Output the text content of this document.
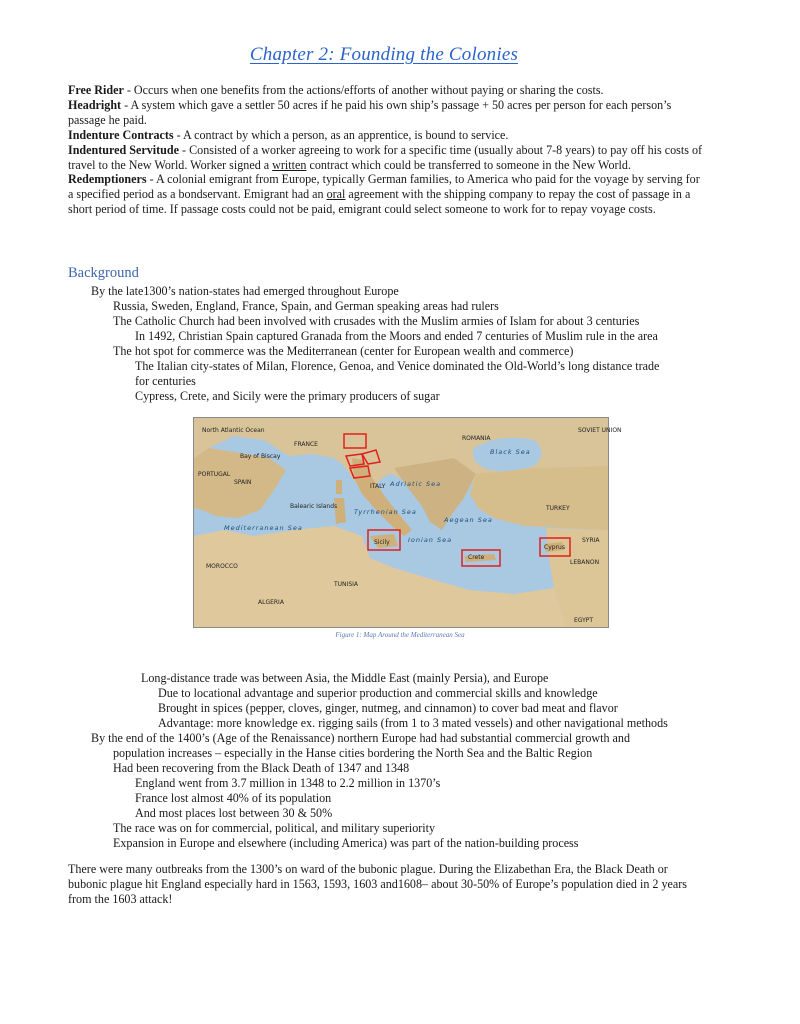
Chapter 2: Founding the Colonies

Free Rider - Occurs when one benefits from the actions/efforts of another without paying or sharing the costs.

Headright - A system which gave a settler 50 acres if he paid his own ship’s passage + 50 acres per person for each person’s passage he paid.

Indenture Contracts - A contract by which a person, as an apprentice, is bound to service.

Indentured Servitude - Consisted of a worker agreeing to work for a specific time (usually about 7-8 years) to pay off his costs of travel to the New World. Worker signed a written contract which could be transferred to someone in the New World.

Redemptioners - A colonial emigrant from Europe, typically German families, to America who paid for the voyage by serving for a specified period as a bondservant. Emigrant had an oral agreement with the shipping company to repay the cost of passage in a short period of time. If passage costs could not be paid, emigrant could select someone to work for to repay voyage costs.

Background
By the late1300’s nation-states had emerged throughout Europe
Russia, Sweden, England, France, Spain, and German speaking areas had rulers
The Catholic Church had been involved with crusades with the Muslim armies of Islam for about 3 centuries
In 1492, Christian Spain captured Granada from the Moors and ended 7 centuries of Muslim rule in the area
The hot spot for commerce was the Mediterranean (center for European wealth and commerce)
The Italian city-states of Milan, Florence, Genoa, and Venice dominated the Old-World’s long distance trade
for centuries
Cypress, Crete, and Sicily were the primary producers of sugar
FRANCE
SPAIN
PORTUGAL
ALGERIA
MOROCCO
TUNISIA
TURKEY
SYRIA
LEBANON
EGYPT
ITALY
ROMANIA
Black Sea
Mediterranean Sea
Tyrrhenian Sea
Adriatic Sea
Aegean Sea
Ionian Sea
Balearic Islands
Sicily
Crete
Cyprus
North Atlantic Ocean
Bay of Biscay
SOVIET UNION
Figure 1: Map Around the Mediterranean Sea
Long-distance trade was between Asia, the Middle East (mainly Persia), and Europe
Due to locational advantage and superior production and commercial skills and knowledge
Brought in spices (pepper, cloves, ginger, nutmeg, and cinnamon) to cover bad meat and flavor
Advantage: more knowledge ex. rigging sails (from 1 to 3 mated vessels) and other navigational methods
By the end of the 1400’s (Age of the Renaissance) northern Europe had had substantial commercial growth and
population increases – especially in the Hanse cities bordering the North Sea and the Baltic Region
Had been recovering from the Black Death of 1347 and 1348
England went from 3.7 million in 1348 to 2.2 million in 1370’s
France lost almost 40% of its population
And most places lost between 30 & 50%
The race was on for commercial, political, and military superiority
Expansion in Europe and elsewhere (including America) was part of the nation-building process

There were many outbreaks from the 1300’s on ward of the bubonic plague. During the Elizabethan Era, the Black Death or bubonic plague hit England especially hard in 1563, 1593, 1603 and1608– about 30-50% of Europe’s population died in 2 years from the 1603 attack!
